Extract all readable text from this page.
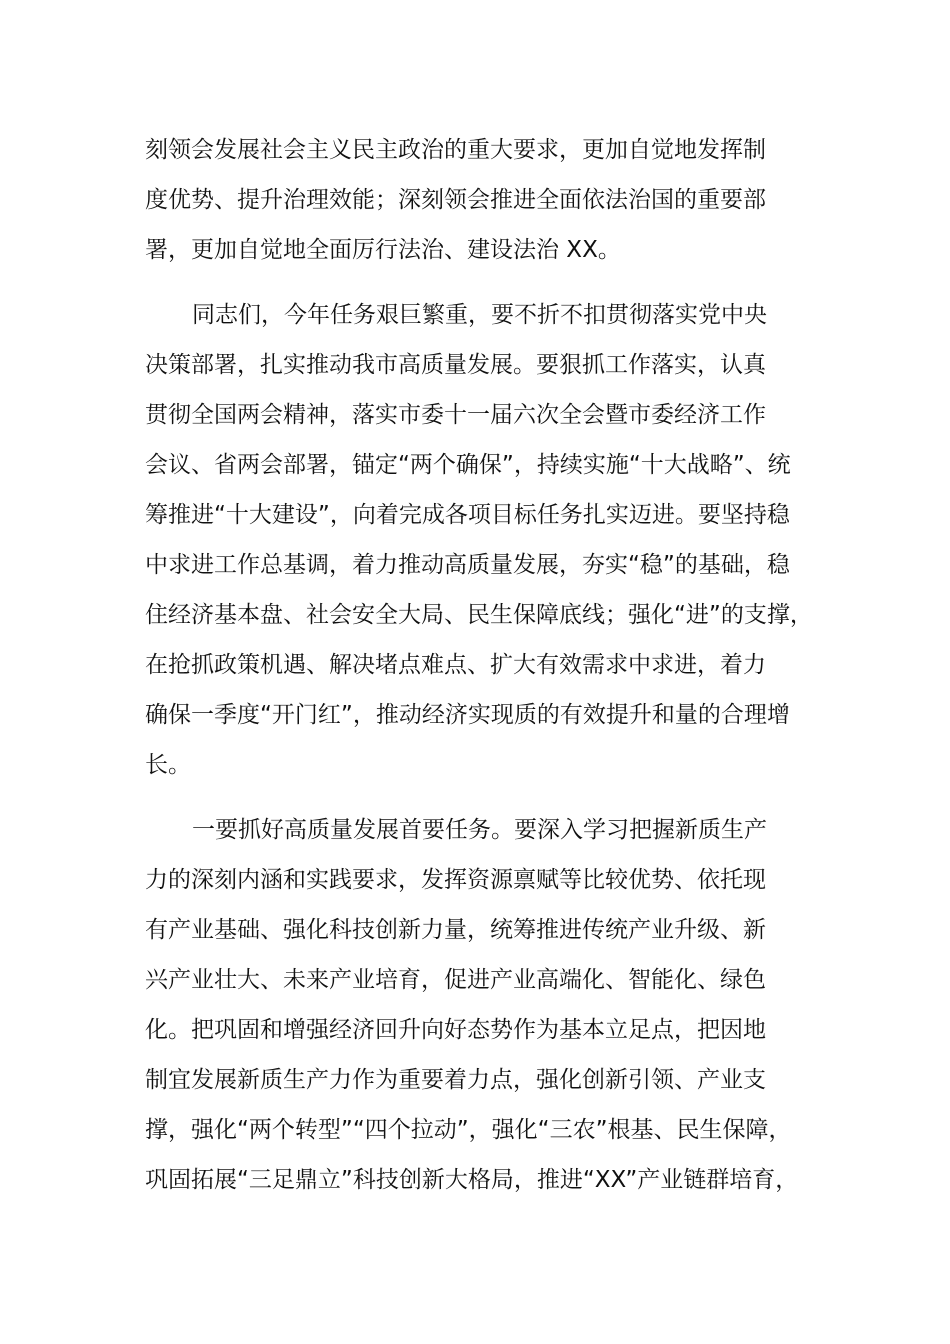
刻领会发展社会主义民主政治的重大要求，更加自觉地发挥制
度优势、提升治理效能；深刻领会推进全面依法治国的重要部
署，更加自觉地全面厉行法治、建设法治 XX。
同志们，今年任务艰巨繁重，要不折不扣贯彻落实党中央
决策部署，扎实推动我市高质量发展。要狠抓工作落实，认真
贯彻全国两会精神，落实市委十一届六次全会暨市委经济工作
会议、省两会部署，锚定“两个确保”，持续实施“十大战略”、统
筹推进“十大建设”，向着完成各项目标任务扎实迈进。要坚持稳
中求进工作总基调，着力推动高质量发展，夯实“稳”的基础，稳
住经济基本盘、社会安全大局、民生保障底线；强化“进”的支撑，
在抢抓政策机遇、解决堵点难点、扩大有效需求中求进，着力
确保一季度“开门红”，推动经济实现质的有效提升和量的合理增
长。
一要抓好高质量发展首要任务。要深入学习把握新质生产
力的深刻内涵和实践要求，发挥资源禀赋等比较优势、依托现
有产业基础、强化科技创新力量，统筹推进传统产业升级、新
兴产业壮大、未来产业培育，促进产业高端化、智能化、绿色
化。把巩固和增强经济回升向好态势作为基本立足点，把因地
制宜发展新质生产力作为重要着力点，强化创新引领、产业支
撑，强化“两个转型”“四个拉动”，强化“三农”根基、民生保障，
巩固拓展“三足鼎立”科技创新大格局，推进“XX”产业链群培育，
